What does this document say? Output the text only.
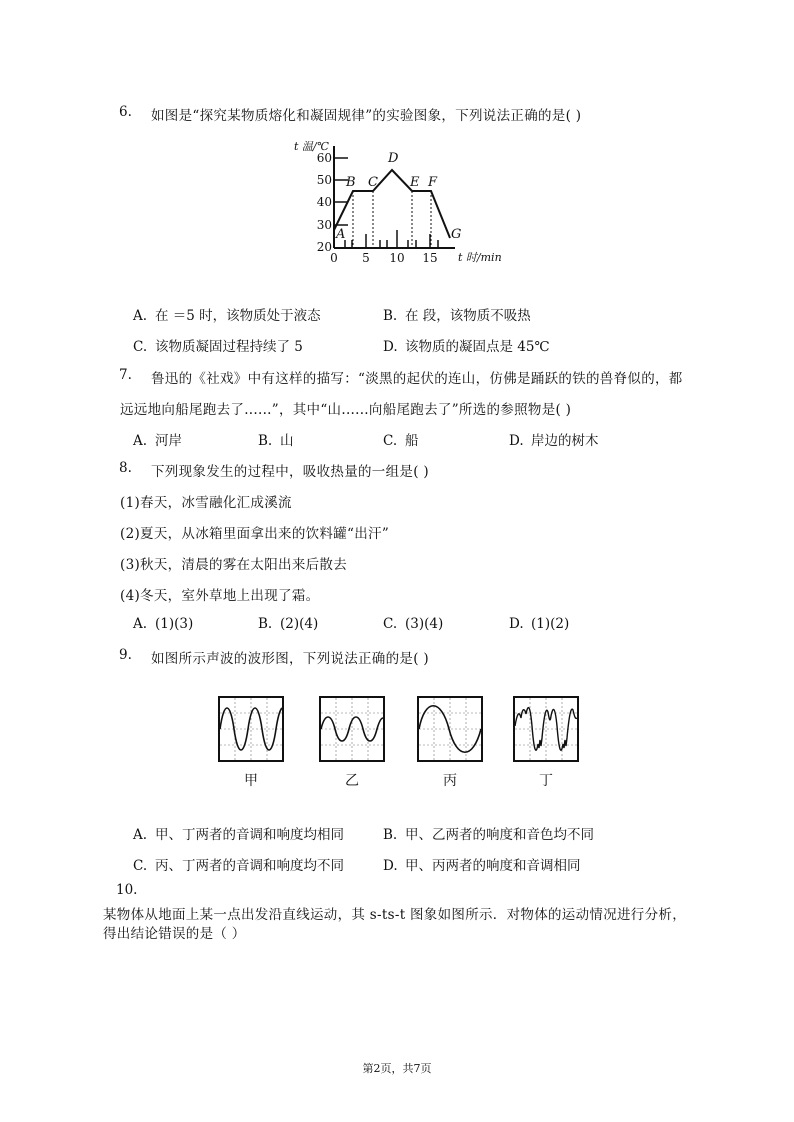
6. 如图是“探究某物质熔化和凝固规律”的实验图象，下列说法正确的是( )
A
B C
D
E F
G
60
50
40
30
20
0 5 10 15
t 温/℃
t 时/min
A. 在 ＝5 时，该物质处于液态	B. 在 段，该物质不吸热
C. 该物质凝固过程持续了 5	D. 该物质的凝固点是 45℃
7. 鲁迅的《社戏》中有这样的描写：“淡黑的起伏的连山，仿佛是踊跃的铁的兽脊似的，都
远远地向船尾跑去了......”，其中“山......向船尾跑去了”所选的参照物是( )
A. 河岸	B. 山	C. 船	D. 岸边的树木
8. 下列现象发生的过程中，吸收热量的一组是( )
(1)春天，冰雪融化汇成溪流
(2)夏天，从冰箱里面拿出来的饮料罐“出汗”
(3)秋天，清晨的雾在太阳出来后散去
(4)冬天，室外草地上出现了霜。
A. (1)(3)	B. (2)(4)	C. (3)(4)	D. (1)(2)
9. 如图所示声波的波形图，下列说法正确的是( )
甲	乙	丙	丁
A. 甲、丁两者的音调和响度均相同	B. 甲、乙两者的响度和音色均不同
C. 丙、丁两者的音调和响度均不同	D. 甲、丙两者的响度和音调相同
10.
某物体从地面上某一点出发沿直线运动，其 s-ts-t 图象如图所示．对物体的运动情况进行分析，
得出结论错误的是（ ）
第2页，共7页
